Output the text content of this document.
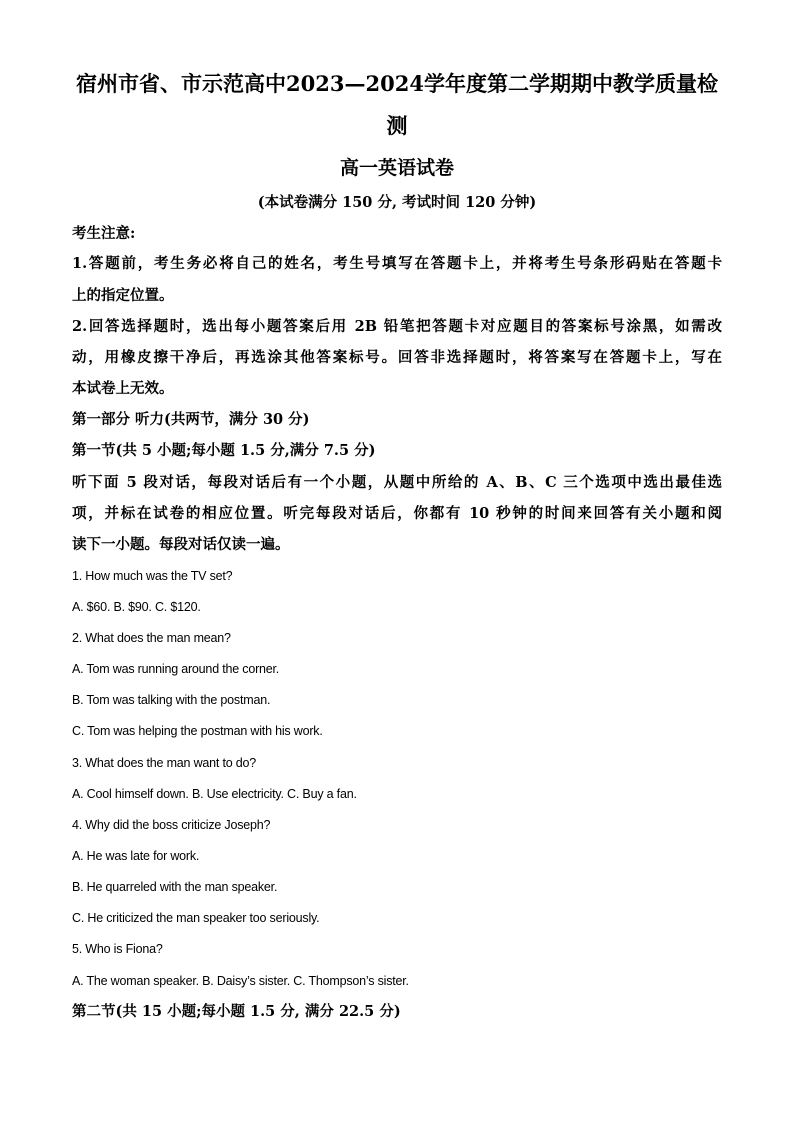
宿州市省、市示范高中2023—2024学年度第二学期期中教学质量检
测
高一英语试卷

(本试卷满分 150 分, 考试时间 120 分钟)

考生注意:

1.答题前，考生务必将自己的姓名，考生号填写在答题卡上，并将考生号条形码贴在答题卡

上的指定位置。

2.回答选择题时，选出每小题答案后用 2B 铅笔把答题卡对应题目的答案标号涂黑，如需改

动，用橡皮擦干净后，再选涂其他答案标号。回答非选择题时，将答案写在答题卡上，写在

本试卷上无效。

第一部分 听力(共两节，满分 30 分)

第一节(共 5 小题;每小题 1.5 分,满分 7.5 分)

听下面 5 段对话，每段对话后有一个小题，从题中所给的 A、B、C 三个选项中选出最佳选

项，并标在试卷的相应位置。听完每段对话后，你都有 10 秒钟的时间来回答有关小题和阅

读下一小题。每段对话仅读一遍。

1. How much was the TV set?

A. $60. B. $90. C. $120.

2. What does the man mean?

A. Tom was running around the corner.

B. Tom was talking with the postman.

C. Tom was helping the postman with his work.

3. What does the man want to do?

A. Cool himself down. B. Use electricity. C. Buy a fan.

4. Why did the boss criticize Joseph?

A. He was late for work.

B. He quarreled with the man speaker.

C. He criticized the man speaker too seriously.

5. Who is Fiona?

A. The woman speaker. B. Daisy’s sister. C. Thompson’s sister.

第二节(共 15 小题;每小题 1.5 分, 满分 22.5 分)
